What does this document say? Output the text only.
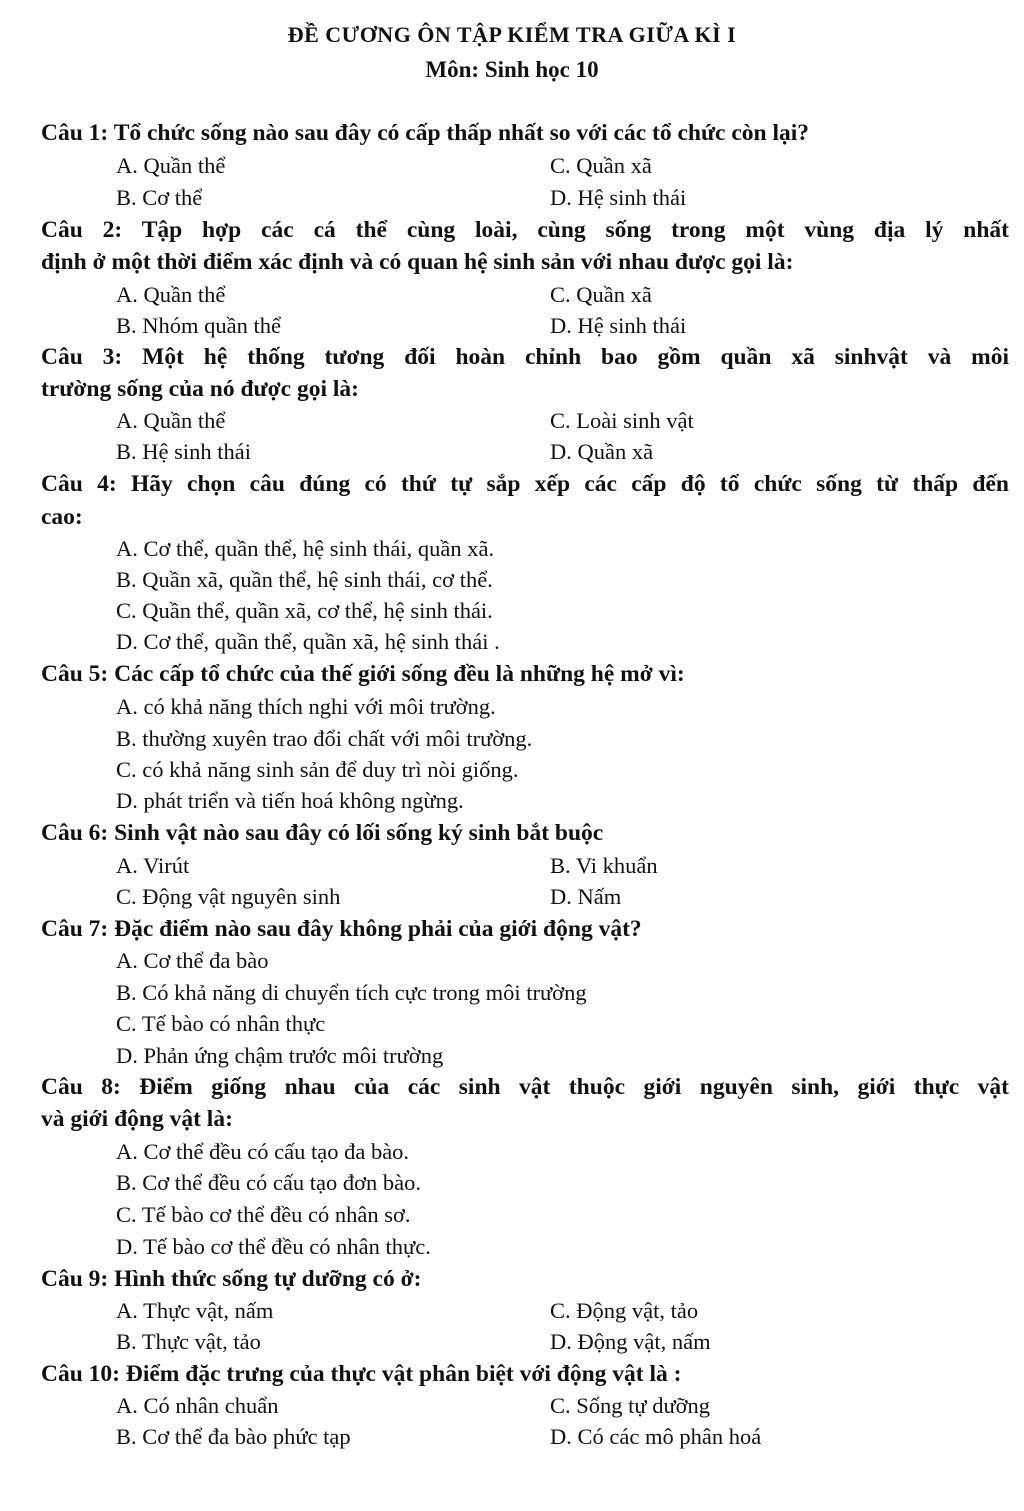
ĐỀ CƯƠNG ÔN TẬP KIỂM TRA GIỮA KÌ I
Môn: Sinh học 10
Câu 1: Tổ chức sống nào sau đây có cấp thấp nhất so với các tổ chức còn lại?
A. Quần thể	C. Quần xã
B. Cơ thể	D. Hệ sinh thái
Câu 2: Tập hợp các cá thể cùng loài, cùng sống trong một vùng địa lý nhất
định ở một thời điểm xác định và có quan hệ sinh sản với nhau được gọi là:
A. Quần thể	C. Quần xã
B. Nhóm quần thể	D. Hệ sinh thái
Câu 3: Một hệ thống tương đối hoàn chỉnh bao gồm quần xã sinhvật và môi
trường sống của nó được gọi là:
A. Quần thể	C. Loài sinh vật
B. Hệ sinh thái	D. Quần xã
Câu 4: Hãy chọn câu đúng có thứ tự sắp xếp các cấp độ tổ chức sống từ thấp đến
cao:
A. Cơ thể, quần thể, hệ sinh thái, quần xã.
B. Quần xã, quần thể, hệ sinh thái, cơ thể.
C. Quần thể, quần xã, cơ thể, hệ sinh thái.
D. Cơ thể, quần thể, quần xã, hệ sinh thái .
Câu 5: Các cấp tổ chức của thế giới sống đều là những hệ mở vì:
A. có khả năng thích nghi với môi trường.
B. thường xuyên trao đổi chất với môi trường.
C. có khả năng sinh sản để duy trì nòi giống.
D. phát triển và tiến hoá không ngừng.
Câu 6: Sinh vật nào sau đây có lối sống ký sinh bắt buộc
A. Virút	B. Vi khuẩn
C. Động vật nguyên sinh	D. Nấm
Câu 7: Đặc điểm nào sau đây không phải của giới động vật?
A. Cơ thể đa bào
B. Có khả năng di chuyển tích cực trong môi trường
C. Tế bào có nhân thực
D. Phản ứng chậm trước môi trường
Câu 8: Điểm giống nhau của các sinh vật thuộc giới nguyên sinh, giới thực vật
và giới động vật là:
A. Cơ thể đều có cấu tạo đa bào.
B. Cơ thể đều có cấu tạo đơn bào.
C. Tế bào cơ thể đều có nhân sơ.
D. Tế bào cơ thể đều có nhân thực.
Câu 9: Hình thức sống tự dưỡng có ở:
A. Thực vật, nấm	C. Động vật, tảo
B. Thực vật, tảo	D. Động vật, nấm
Câu 10: Điểm đặc trưng của thực vật phân biệt với động vật là :
A. Có nhân chuẩn	C. Sống tự dưỡng
B. Cơ thể đa bào phức tạp	D. Có các mô phân hoá
